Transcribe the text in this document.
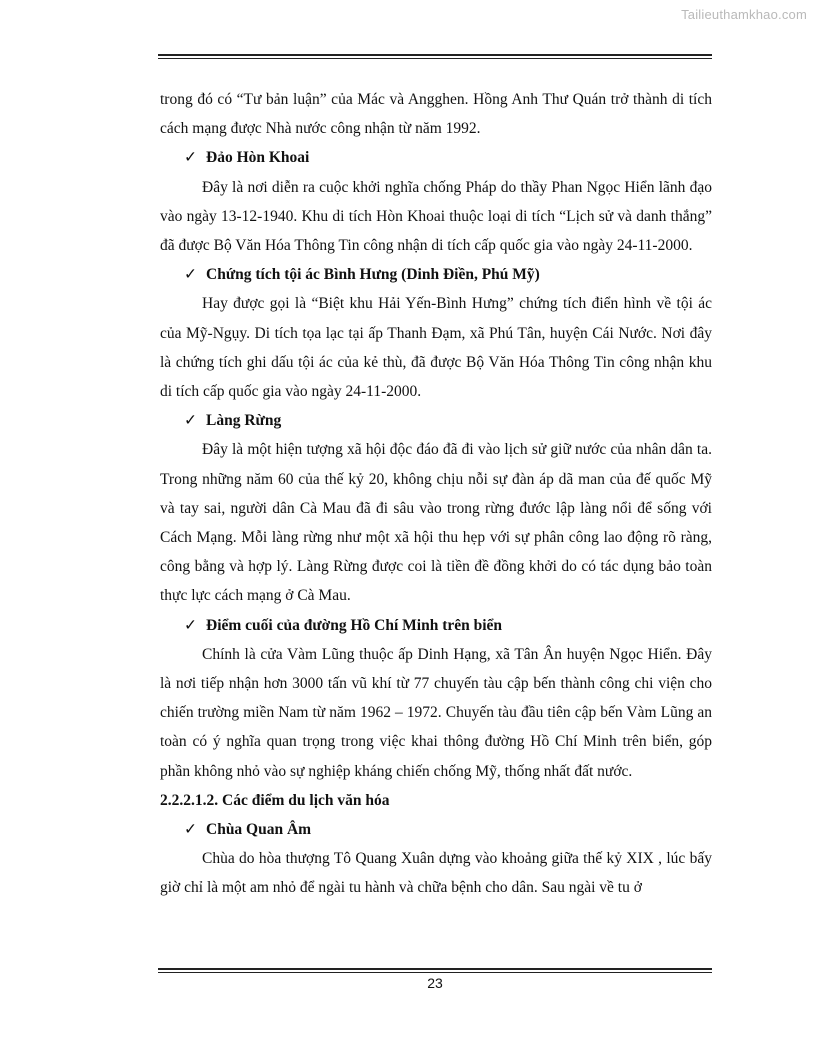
Tailieuthamkhao.com

trong đó có “Tư bản luận” của Mác và Angghen. Hồng Anh Thư Quán trở thành di tích cách mạng được Nhà nước công nhận từ năm 1992.

✓ Đảo Hòn Khoai

Đây là nơi diễn ra cuộc khởi nghĩa chống Pháp do thầy Phan Ngọc Hiển lãnh đạo vào ngày 13-12-1940. Khu di tích Hòn Khoai thuộc loại di tích “Lịch sử và danh thắng” đã được Bộ Văn Hóa Thông Tin công nhận di tích cấp quốc gia vào ngày 24-11-2000.

✓ Chứng tích tội ác Bình Hưng (Dinh Điền, Phú Mỹ)

Hay được gọi là “Biệt khu Hải Yến-Bình Hưng” chứng tích điển hình về tội ác của Mỹ-Ngụy. Di tích tọa lạc tại ấp Thanh Đạm, xã Phú Tân, huyện Cái Nước. Nơi đây là chứng tích ghi dấu tội ác của kẻ thù, đã được Bộ Văn Hóa Thông Tin công nhận khu di tích cấp quốc gia vào ngày 24-11-2000.

✓ Làng Rừng

Đây là một hiện tượng xã hội độc đáo đã đi vào lịch sử giữ nước của nhân dân ta. Trong những năm 60 của thế kỷ 20, không chịu nỗi sự đàn áp dã man của đế quốc Mỹ và tay sai, người dân Cà Mau đã đi sâu vào trong rừng đước lập làng nổi để sống với Cách Mạng. Mỗi làng rừng như một xã hội thu hẹp với sự phân công lao động rõ ràng, công bằng và hợp lý. Làng Rừng được coi là tiền đề đồng khởi do có tác dụng bảo toàn thực lực cách mạng ở Cà Mau.

✓ Điểm cuối của đường Hồ Chí Minh trên biển

Chính là cửa Vàm Lũng thuộc ấp Dinh Hạng, xã Tân Ân huyện Ngọc Hiển. Đây là nơi tiếp nhận hơn 3000 tấn vũ khí từ 77 chuyến tàu cập bến thành công chi viện cho chiến trường miền Nam từ năm 1962 – 1972. Chuyến tàu đầu tiên cập bến Vàm Lũng an toàn có ý nghĩa quan trọng trong việc khai thông đường Hồ Chí Minh trên biển, góp phần không nhỏ vào sự nghiệp kháng chiến chống Mỹ, thống nhất đất nước.

2.2.2.1.2. Các điểm du lịch văn hóa
✓ Chùa Quan Âm

Chùa do hòa thượng Tô Quang Xuân dựng vào khoảng giữa thế kỷ XIX , lúc bấy giờ chỉ là một am nhỏ để ngài tu hành và chữa bệnh cho dân. Sau ngài về tu ở

23
